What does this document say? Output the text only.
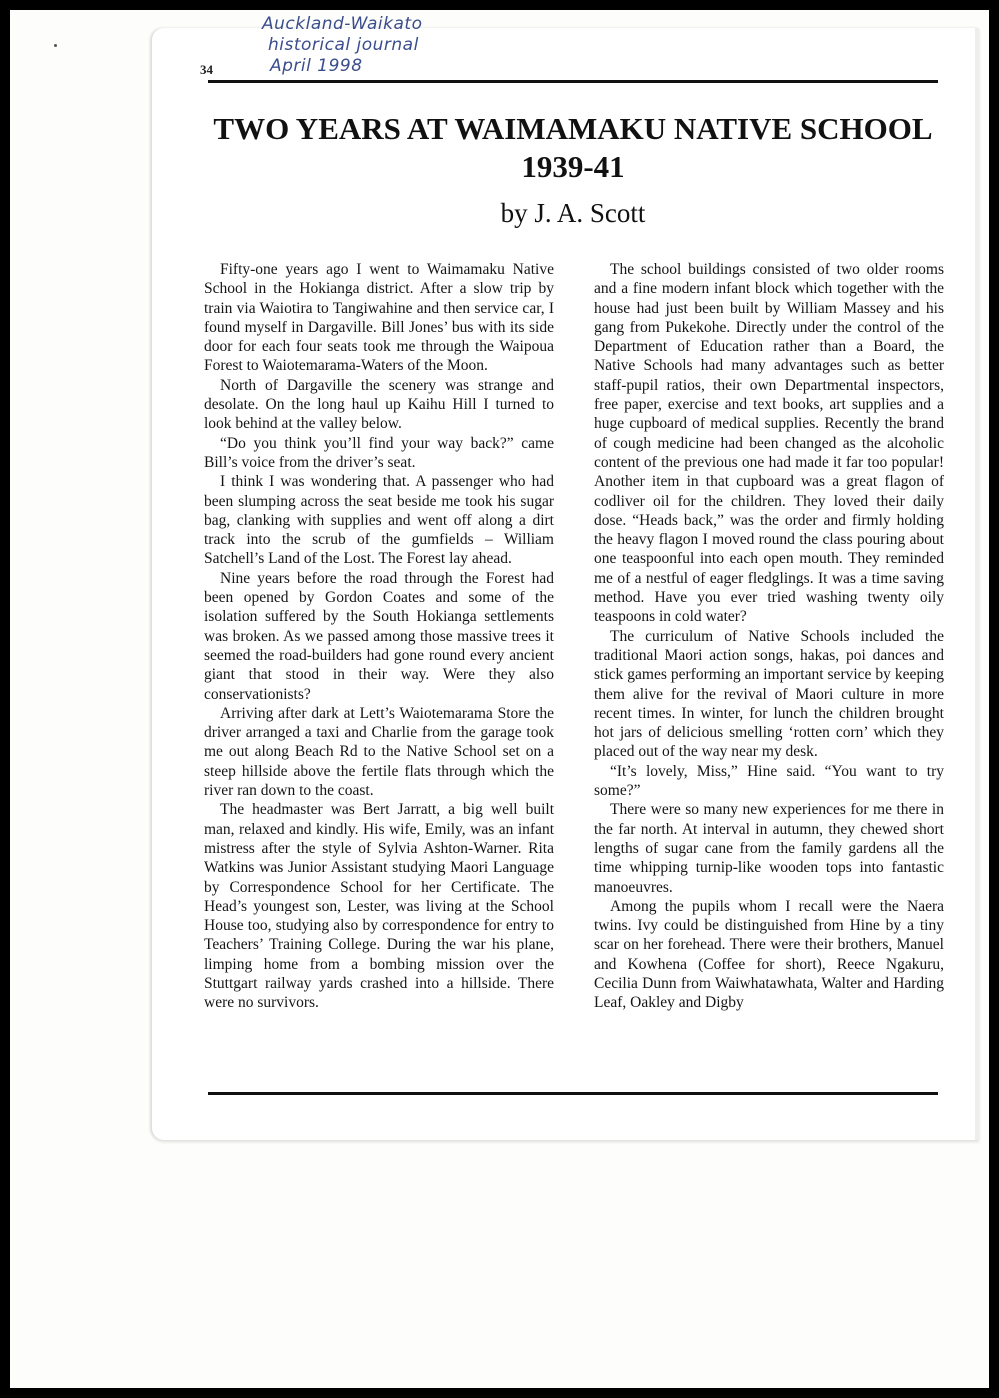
Auckland-Waikato
historical journal
April 1998
34
TWO YEARS AT WAIMAMAKU NATIVE SCHOOL 1939-41
by J. A. Scott

Fifty-one years ago I went to Waimamaku Native School in the Hokianga district. After a slow trip by train via Waiotira to Tangiwahine and then service car, I found myself in Dargaville. Bill Jones’ bus with its side door for each four seats took me through the Waipoua Forest to Waiotemarama-Waters of the Moon.

North of Dargaville the scenery was strange and desolate. On the long haul up Kaihu Hill I turned to look behind at the valley below.

“Do you think you’ll find your way back?” came Bill’s voice from the driver’s seat.

I think I was wondering that. A passenger who had been slumping across the seat beside me took his sugar bag, clanking with supplies and went off along a dirt track into the scrub of the gumfields – William Satchell’s Land of the Lost. The Forest lay ahead.

Nine years before the road through the Forest had been opened by Gordon Coates and some of the isolation suffered by the South Hokianga settlements was broken. As we passed among those massive trees it seemed the road-builders had gone round every ancient giant that stood in their way. Were they also conservationists?

Arriving after dark at Lett’s Waiotemarama Store the driver arranged a taxi and Charlie from the garage took me out along Beach Rd to the Native School set on a steep hillside above the fertile flats through which the river ran down to the coast.

The headmaster was Bert Jarratt, a big well built man, relaxed and kindly. His wife, Emily, was an infant mistress after the style of Sylvia Ashton-Warner. Rita Watkins was Junior Assistant studying Maori Language by Correspondence School for her Certificate. The Head’s youngest son, Lester, was living at the School House too, studying also by correspondence for entry to Teachers’ Training College. During the war his plane, limping home from a bombing mission over the Stuttgart railway yards crashed into a hillside. There were no survivors.

The school buildings consisted of two older rooms and a fine modern infant block which together with the house had just been built by William Massey and his gang from Pukekohe. Directly under the control of the Department of Education rather than a Board, the Native Schools had many advantages such as better staff-pupil ratios, their own Departmental inspectors, free paper, exercise and text books, art supplies and a huge cupboard of medical supplies. Recently the brand of cough medicine had been changed as the alcoholic content of the previous one had made it far too popular! Another item in that cupboard was a great flagon of codliver oil for the children. They loved their daily dose. “Heads back,” was the order and firmly holding the heavy flagon I moved round the class pouring about one teaspoonful into each open mouth. They reminded me of a nestful of eager fledglings. It was a time saving method. Have you ever tried washing twenty oily teaspoons in cold water?

The curriculum of Native Schools included the traditional Maori action songs, hakas, poi dances and stick games performing an important service by keeping them alive for the revival of Maori culture in more recent times. In winter, for lunch the children brought hot jars of delicious smelling ‘rotten corn’ which they placed out of the way near my desk.

“It’s lovely, Miss,” Hine said. “You want to try some?”

There were so many new experiences for me there in the far north. At interval in autumn, they chewed short lengths of sugar cane from the family gardens all the time whipping turnip-like wooden tops into fantastic manoeuvres.

Among the pupils whom I recall were the Naera twins. Ivy could be distinguished from Hine by a tiny scar on her forehead. There were their brothers, Manuel and Kowhena (Coffee for short), Reece Ngakuru, Cecilia Dunn from Waiwhatawhata, Walter and Harding Leaf, Oakley and Digby
